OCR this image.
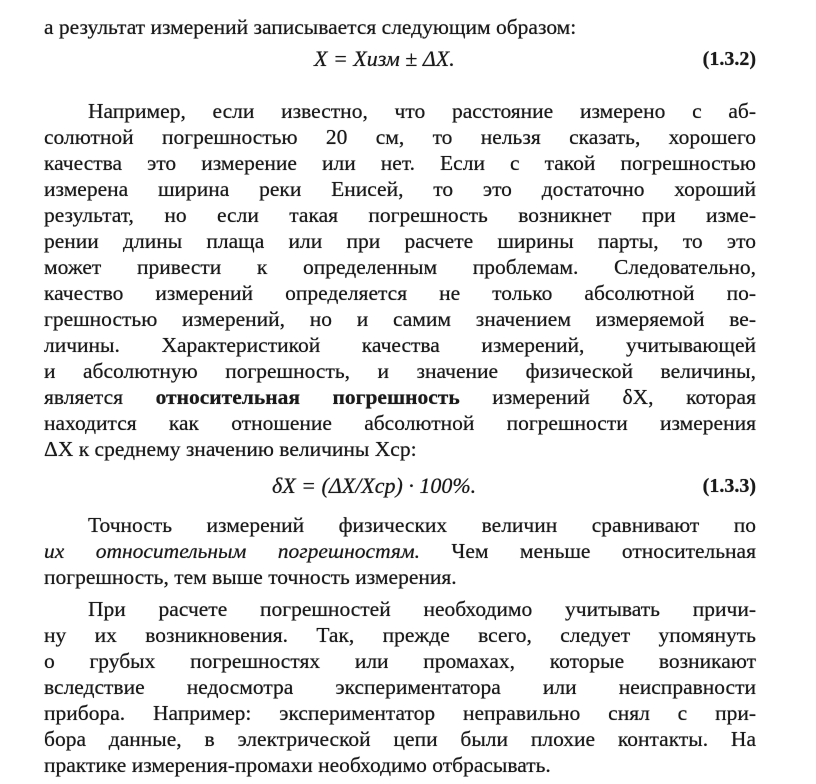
а результат измерений записывается следующим образом:
X = Xизм ± ΔX.	(1.3.2)
Например, если известно, что расстояние измерено с аб-
солютной погрешностью 20 см, то нельзя сказать, хорошего
качества это измерение или нет. Если с такой погрешностью
измерена ширина реки Енисей, то это достаточно хороший
результат, но если такая погрешность возникнет при изме-
рении длины плаща или при расчете ширины парты, то это
может привести к определенным проблемам. Следовательно,
качество измерений определяется не только абсолютной по-
грешностью измерений, но и самим значением измеряемой ве-
личины. Характеристикой качества измерений, учитывающей
и абсолютную погрешность, и значение физической величины,
является относительная погрешность измерений δX, которая
находится как отношение абсолютной погрешности измерения
ΔX к среднему значению величины Xср:
δX = (ΔX/Xср) · 100%.	(1.3.3)
Точность измерений физических величин сравнивают по
их относительным погрешностям. Чем меньше относительная
погрешность, тем выше точность измерения.
При расчете погрешностей необходимо учитывать причи-
ну их возникновения. Так, прежде всего, следует упомянуть
о грубых погрешностях или промахах, которые возникают
вследствие недосмотра экспериментатора или неисправности
прибора. Например: экспериментатор неправильно снял с при-
бора данные, в электрической цепи были плохие контакты. На
практике измерения-промахи необходимо отбрасывать.
